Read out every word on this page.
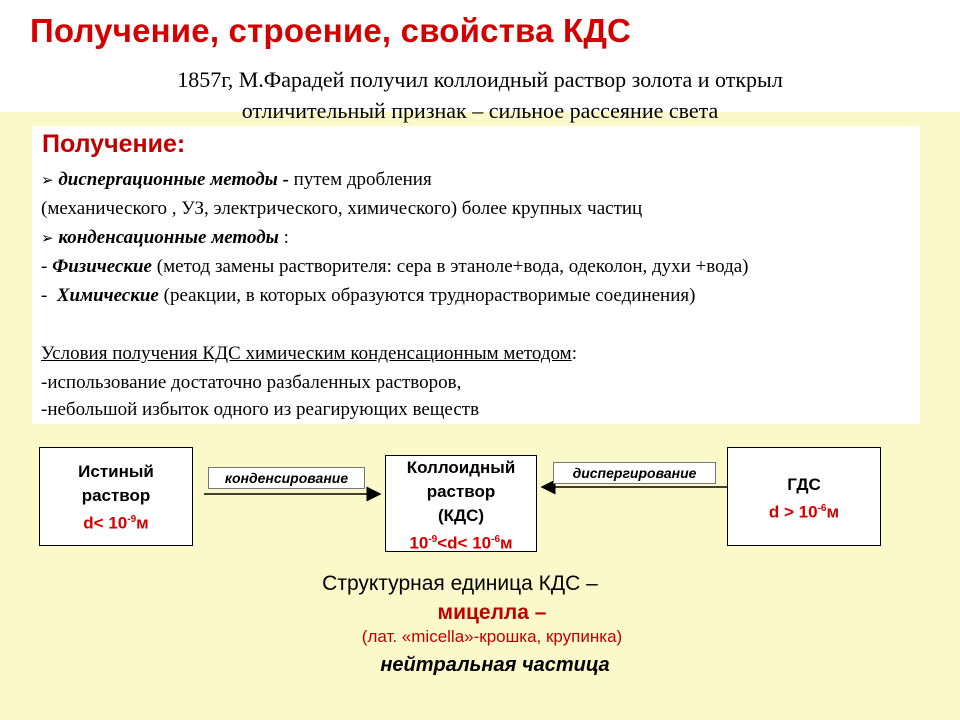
Получение, строение, свойства КДС
1857г, М.Фарадей получил коллоидный раствор золота и открыл
отличительный признак – сильное рассеяние света
Получение:
➢ дисперrационные методы - путем дробления
(механического , УЗ, электрического, химического) более крупных частиц
➢ конденсационные методы :
- Физические (метод замены растворителя: сера в этаноле+вода, одеколон, духи +вода)
-  Химические (реакции, в которых образуются труднорастворимые соединения)
Условия получения КДС химическим конденсационным методом:
-использование достаточно разбаленных растворов,
-небольшой избыток одного из реагирующих веществ
Истиный
раствор
$d< 10^{-9}м$
Коллоидный
раствор
(КДС)
$10^{-9}<d< 10^{-6}м$
ГДС
$d > 10^{-6}м$
конденсирование	диспергирование
Структурная единица КДС –
мицелла –
(лат. «micella»-крошка, крупинка)
нейтральная частица
